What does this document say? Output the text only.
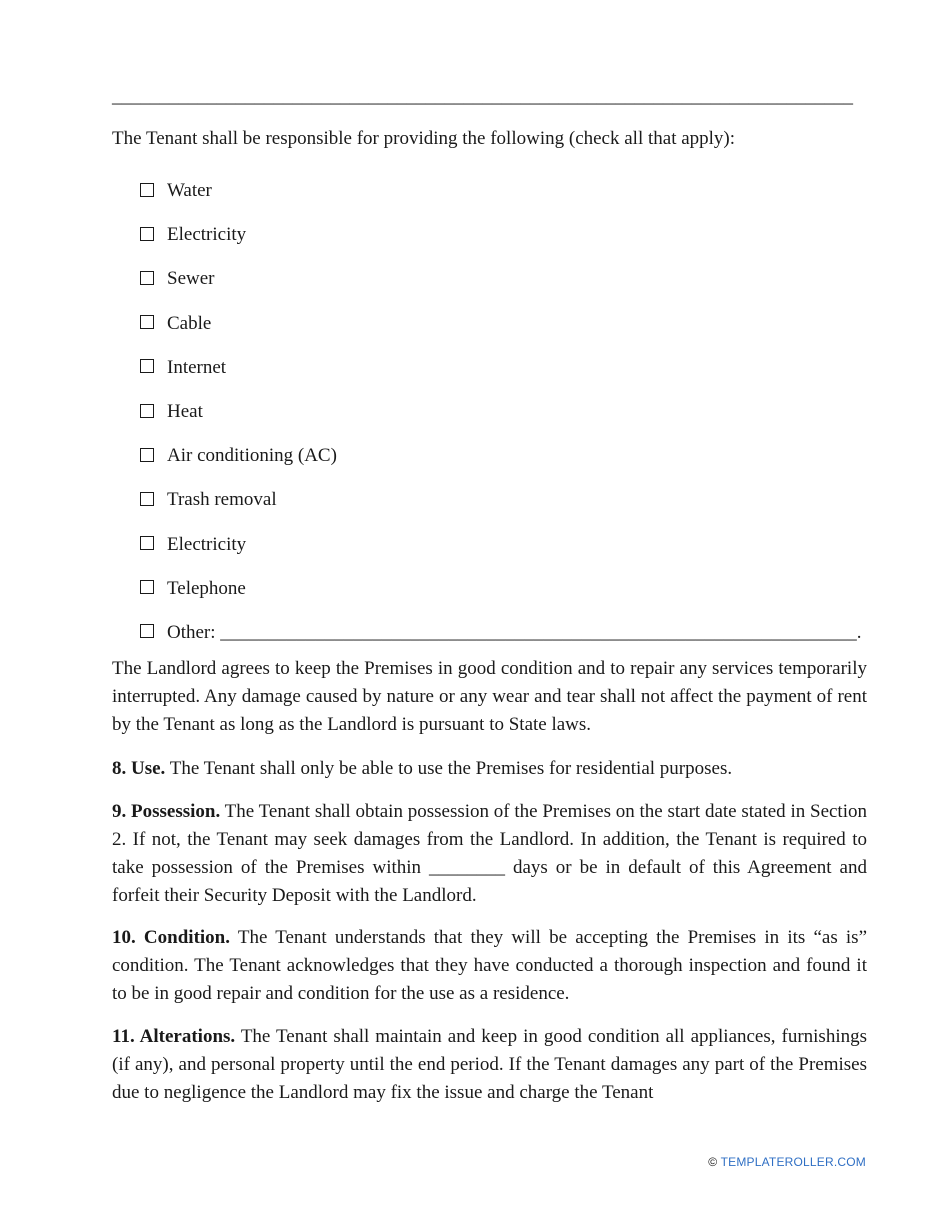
______________________________________________________________________________

The Tenant shall be responsible for providing the following (check all that apply):

Water
Electricity
Sewer
Cable
Internet
Heat
Air conditioning (AC)
Trash removal
Electricity
Telephone
Other: ___________________________________________________________________.

The Landlord agrees to keep the Premises in good condition and to repair any services temporarily interrupted. Any damage caused by nature or any wear and tear shall not affect the payment of rent by the Tenant as long as the Landlord is pursuant to State laws.

8. Use. The Tenant shall only be able to use the Premises for residential purposes.

9. Possession. The Tenant shall obtain possession of the Premises on the start date stated in Section 2. If not, the Tenant may seek damages from the Landlord. In addition, the Tenant is required to take possession of the Premises within ________ days or be in default of this Agreement and forfeit their Security Deposit with the Landlord.

10. Condition. The Tenant understands that they will be accepting the Premises in its “as is” condition. The Tenant acknowledges that they have conducted a thorough inspection and found it to be in good repair and condition for the use as a residence.

11. Alterations. The Tenant shall maintain and keep in good condition all appliances, furnishings (if any), and personal property until the end period. If the Tenant damages any part of the Premises due to negligence the Landlord may fix the issue and charge the Tenant

© TEMPLATEROLLER.COM
